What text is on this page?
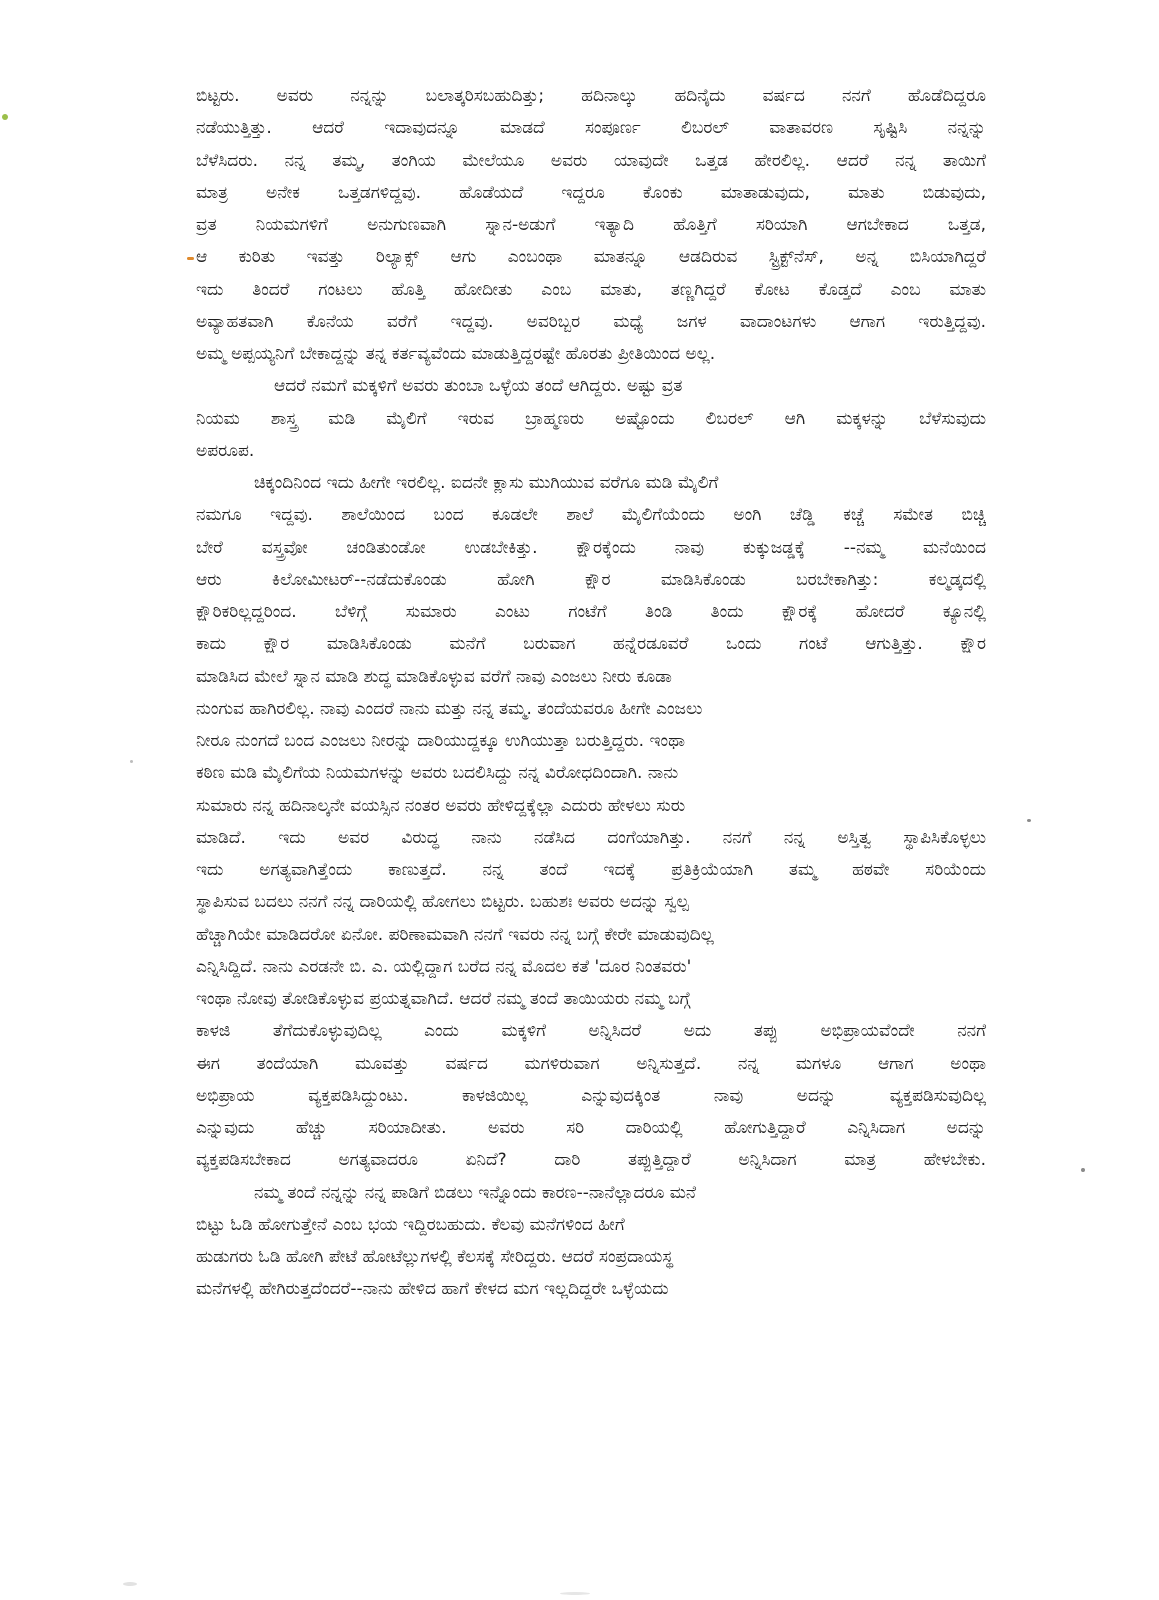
ಬಿಟ್ಟರು. ಅವರು ನನ್ನನ್ನು ಬಲಾತ್ಕರಿಸಬಹುದಿತ್ತು; ಹದಿನಾಲ್ಕು ಹದಿನೈದು ವರ್ಷದ ನನಗೆ ಹೊಡೆದಿದ್ದರೂ
ನಡೆಯುತ್ತಿತ್ತು. ಆದರೆ ಇದಾವುದನ್ನೂ ಮಾಡದೆ ಸಂಪೂರ್ಣ ಲಿಬರಲ್ ವಾತಾವರಣ ಸೃಷ್ಟಿಸಿ ನನ್ನನ್ನು
ಬೆಳೆಸಿದರು. ನನ್ನ ತಮ್ಮ, ತಂಗಿಯ ಮೇಲೆಯೂ ಅವರು ಯಾವುದೇ ಒತ್ತಡ ಹೇರಲಿಲ್ಲ. ಆದರೆ ನನ್ನ ತಾಯಿಗೆ
ಮಾತ್ರ ಅನೇಕ ಒತ್ತಡಗಳಿದ್ದವು. ಹೊಡೆಯದೆ ಇದ್ದರೂ ಕೊಂಕು ಮಾತಾಡುವುದು, ಮಾತು ಬಿಡುವುದು,
ವ್ರತ ನಿಯಮಗಳಿಗೆ ಅನುಗುಣವಾಗಿ ಸ್ನಾನ-ಅಡುಗೆ ಇತ್ಯಾದಿ ಹೊತ್ತಿಗೆ ಸರಿಯಾಗಿ ಆಗಬೇಕಾದ ಒತ್ತಡ,
ಆ ಕುರಿತು ಇವತ್ತು ರಿಲ್ಯಾಕ್ಸ್ ಆಗು ಎಂಬಂಥಾ ಮಾತನ್ನೂ ಆಡದಿರುವ ಸ್ಟ್ರಿಕ್ಟ್‌ನೆಸ್, ಅನ್ನ ಬಿಸಿಯಾಗಿದ್ದರೆ
ಇದು ತಿಂದರೆ ಗಂಟಲು ಹೊತ್ತಿ ಹೋದೀತು ಎಂಬ ಮಾತು, ತಣ್ಣಗಿದ್ದರೆ ಕೋಟ ಕೊಡ್ತದೆ ಎಂಬ ಮಾತು
ಅವ್ಯಾಹತವಾಗಿ ಕೊನೆಯ ವರೆಗೆ ಇದ್ದವು. ಅವರಿಬ್ಬರ ಮಧ್ಯೆ ಜಗಳ ವಾದಾಂಟಗಳು ಆಗಾಗ ಇರುತ್ತಿದ್ದವು.
ಅಮ್ಮ ಅಪ್ಪಯ್ಯನಿಗೆ ಬೇಕಾದ್ದನ್ನು ತನ್ನ ಕರ್ತವ್ಯವೆಂದು ಮಾಡುತ್ತಿದ್ದರಷ್ಟೇ ಹೊರತು ಪ್ರೀತಿಯಿಂದ ಅಲ್ಲ.
ಆದರೆ ನಮಗೆ ಮಕ್ಕಳಿಗೆ ಅವರು ತುಂಬಾ ಒಳ್ಳೆಯ ತಂದೆ ಆಗಿದ್ದರು. ಅಷ್ಟು ವ್ರತ
ನಿಯಮ ಶಾಸ್ತ್ರ ಮಡಿ ಮೈಲಿಗೆ ಇರುವ ಬ್ರಾಹ್ಮಣರು ಅಷ್ಟೊಂದು ಲಿಬರಲ್ ಆಗಿ ಮಕ್ಕಳನ್ನು ಬೆಳೆಸುವುದು
ಅಪರೂಪ.
ಚಿಕ್ಕಂದಿನಿಂದ ಇದು ಹೀಗೇ ಇರಲಿಲ್ಲ. ಐದನೇ ಕ್ಲಾಸು ಮುಗಿಯುವ ವರೆಗೂ ಮಡಿ ಮೈಲಿಗೆ
ನಮಗೂ ಇದ್ದವು. ಶಾಲೆಯಿಂದ ಬಂದ ಕೂಡಲೇ ಶಾಲೆ ಮೈಲಿಗೆಯೆಂದು ಅಂಗಿ ಚೆಡ್ಡಿ ಕಚ್ಚೆ ಸಮೇತ ಬಿಚ್ಚಿ
ಬೇರೆ ವಸ್ತ್ರವೋ ಚಂಡಿತುಂಡೋ ಉಡಬೇಕಿತ್ತು. ಕ್ಷೌರಕ್ಕೆಂದು ನಾವು ಕುಕ್ಕುಜಡ್ಡಕ್ಕೆ --ನಮ್ಮ ಮನೆಯಿಂದ
ಆರು ಕಿಲೋಮೀಟರ್--ನಡೆದುಕೊಂಡು ಹೋಗಿ ಕ್ಷೌರ ಮಾಡಿಸಿಕೊಂಡು ಬರಬೇಕಾಗಿತ್ತು: ಕಲ್ಮಡ್ಕದಲ್ಲಿ
ಕ್ಷೌರಿಕರಿಲ್ಲದ್ದರಿಂದ. ಬೆಳಿಗ್ಗೆ ಸುಮಾರು ಎಂಟು ಗಂಟೆಗೆ ತಿಂಡಿ ತಿಂದು ಕ್ಷೌರಕ್ಕೆ ಹೋದರೆ ಕ್ಯೂನಲ್ಲಿ
ಕಾದು ಕ್ಷೌರ ಮಾಡಿಸಿಕೊಂಡು ಮನೆಗೆ ಬರುವಾಗ ಹನ್ನೆರಡೂವರೆ ಒಂದು ಗಂಟೆ ಆಗುತ್ತಿತ್ತು. ಕ್ಷೌರ
ಮಾಡಿಸಿದ ಮೇಲೆ ಸ್ನಾನ ಮಾಡಿ ಶುದ್ಧ ಮಾಡಿಕೊಳ್ಳುವ ವರೆಗೆ ನಾವು ಎಂಜಲು ನೀರು ಕೂಡಾ
ನುಂಗುವ ಹಾಗಿರಲಿಲ್ಲ. ನಾವು ಎಂದರೆ ನಾನು ಮತ್ತು ನನ್ನ ತಮ್ಮ. ತಂದೆಯವರೂ ಹೀಗೇ ಎಂಜಲು
ನೀರೂ ನುಂಗದೆ ಬಂದ ಎಂಜಲು ನೀರನ್ನು ದಾರಿಯುದ್ದಕ್ಕೂ ಉಗಿಯುತ್ತಾ ಬರುತ್ತಿದ್ದರು. ಇಂಥಾ
ಕಠಿಣ ಮಡಿ ಮೈಲಿಗೆಯ ನಿಯಮಗಳನ್ನು ಅವರು ಬದಲಿಸಿದ್ದು ನನ್ನ ವಿರೋಧದಿಂದಾಗಿ. ನಾನು
ಸುಮಾರು ನನ್ನ ಹದಿನಾಲ್ಕನೇ ವಯಸ್ಸಿನ ನಂತರ ಅವರು ಹೇಳಿದ್ದಕ್ಕೆಲ್ಲಾ ಎದುರು ಹೇಳಲು ಸುರು
ಮಾಡಿದೆ. ಇದು ಅವರ ವಿರುದ್ಧ ನಾನು ನಡೆಸಿದ ದಂಗೆಯಾಗಿತ್ತು. ನನಗೆ ನನ್ನ ಅಸ್ತಿತ್ವ ಸ್ಥಾಪಿಸಿಕೊಳ್ಳಲು
ಇದು ಅಗತ್ಯವಾಗಿತ್ತೆಂದು ಕಾಣುತ್ತದೆ. ನನ್ನ ತಂದೆ ಇದಕ್ಕೆ ಪ್ರತಿಕ್ರಿಯೆಯಾಗಿ ತಮ್ಮ ಹಠವೇ ಸರಿಯೆಂದು
ಸ್ಥಾಪಿಸುವ ಬದಲು ನನಗೆ ನನ್ನ ದಾರಿಯಲ್ಲಿ ಹೋಗಲು ಬಿಟ್ಟರು. ಬಹುಶಃ ಅವರು ಅದನ್ನು ಸ್ವಲ್ಪ
ಹೆಚ್ಚಾಗಿಯೇ ಮಾಡಿದರೋ ಏನೋ. ಪರಿಣಾಮವಾಗಿ ನನಗೆ ಇವರು ನನ್ನ ಬಗ್ಗೆ ಕೇರೇ ಮಾಡುವುದಿಲ್ಲ
ಎನ್ನಿಸಿದ್ದಿದೆ. ನಾನು ಎರಡನೇ ಬಿ. ಎ. ಯಲ್ಲಿದ್ದಾಗ ಬರೆದ ನನ್ನ ಮೊದಲ ಕತೆ 'ದೂರ ನಿಂತವರು'
ಇಂಥಾ ನೋವು ತೋಡಿಕೊಳ್ಳುವ ಪ್ರಯತ್ನವಾಗಿದೆ. ಆದರೆ ನಮ್ಮ ತಂದೆ ತಾಯಿಯರು ನಮ್ಮ ಬಗ್ಗೆ
ಕಾಳಜಿ ತೆಗೆದುಕೊಳ್ಳುವುದಿಲ್ಲ ಎಂದು ಮಕ್ಕಳಿಗೆ ಅನ್ನಿಸಿದರೆ ಅದು ತಪ್ಪು ಅಭಿಪ್ರಾಯವೆಂದೇ ನನಗೆ
ಈಗ ತಂದೆಯಾಗಿ ಮೂವತ್ತು ವರ್ಷದ ಮಗಳಿರುವಾಗ ಅನ್ನಿಸುತ್ತದೆ. ನನ್ನ ಮಗಳೂ ಆಗಾಗ ಅಂಥಾ
ಅಭಿಪ್ರಾಯ ವ್ಯಕ್ತಪಡಿಸಿದ್ದುಂಟು. ಕಾಳಜಿಯಿಲ್ಲ ಎನ್ನುವುದಕ್ಕಿಂತ ನಾವು ಅದನ್ನು ವ್ಯಕ್ತಪಡಿಸುವುದಿಲ್ಲ
ಎನ್ನುವುದು ಹೆಚ್ಚು ಸರಿಯಾದೀತು. ಅವರು ಸರಿ ದಾರಿಯಲ್ಲಿ ಹೋಗುತ್ತಿದ್ದಾರೆ ಎನ್ನಿಸಿದಾಗ ಅದನ್ನು
ವ್ಯಕ್ತಪಡಿಸಬೇಕಾದ ಅಗತ್ಯವಾದರೂ ಏನಿದೆ? ದಾರಿ ತಪ್ಪುತ್ತಿದ್ದಾರೆ ಅನ್ನಿಸಿದಾಗ ಮಾತ್ರ ಹೇಳಬೇಕು.
ನಮ್ಮ ತಂದೆ ನನ್ನನ್ನು ನನ್ನ ಪಾಡಿಗೆ ಬಿಡಲು ಇನ್ನೊಂದು ಕಾರಣ--ನಾನೆಲ್ಲಾದರೂ ಮನೆ
ಬಿಟ್ಟು ಓಡಿ ಹೋಗುತ್ತೇನೆ ಎಂಬ ಭಯ ಇದ್ದಿರಬಹುದು. ಕೆಲವು ಮನೆಗಳಿಂದ ಹೀಗೆ
ಹುಡುಗರು ಓಡಿ ಹೋಗಿ ಪೇಟೆ ಹೋಟೆಲ್ಲುಗಳಲ್ಲಿ ಕೆಲಸಕ್ಕೆ ಸೇರಿದ್ದರು. ಆದರೆ ಸಂಪ್ರದಾಯಸ್ಥ
ಮನೆಗಳಲ್ಲಿ ಹೇಗಿರುತ್ತದೆಂದರೆ--ನಾನು ಹೇಳಿದ ಹಾಗೆ ಕೇಳದ ಮಗ ಇಲ್ಲದಿದ್ದರೇ ಒಳ್ಳೆಯದು
